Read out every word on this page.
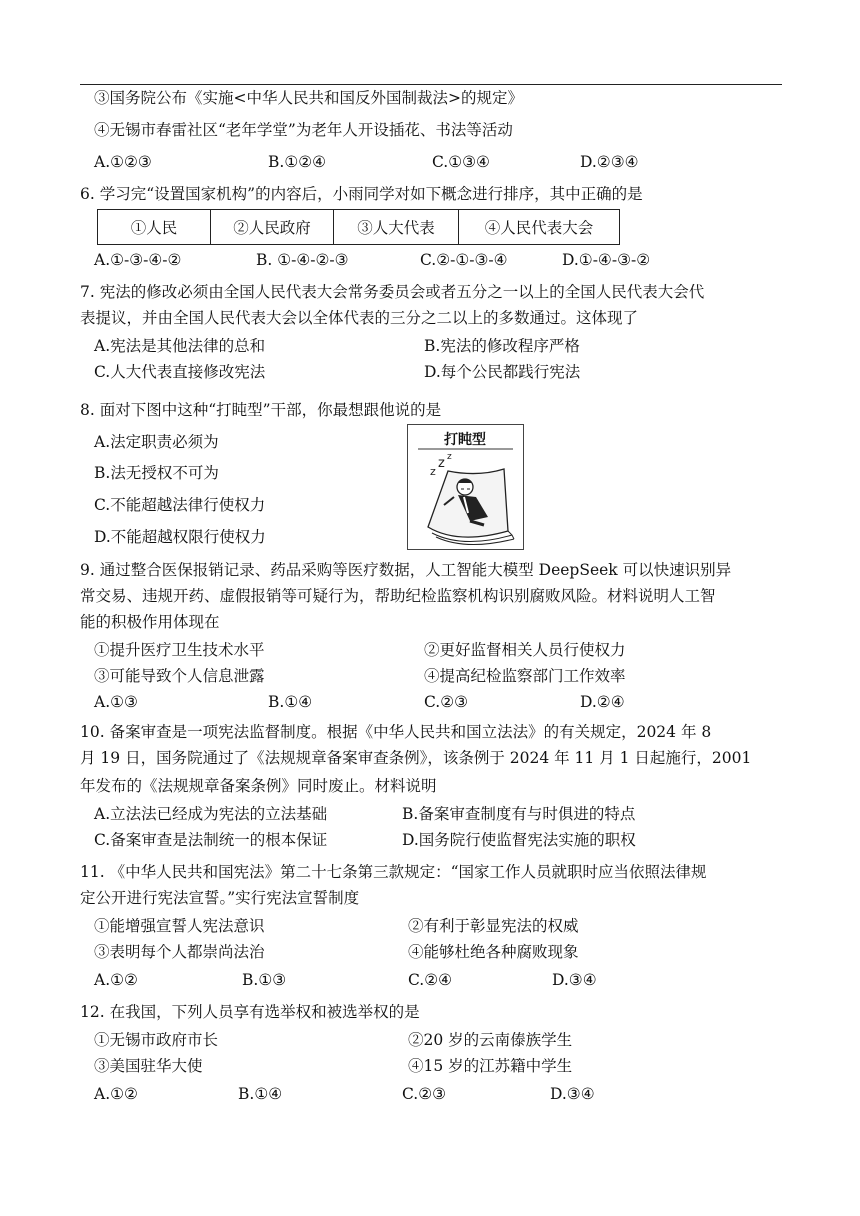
③国务院公布《实施<中华人民共和国反外国制裁法>的规定》
④无锡市春雷社区“老年学堂”为老年人开设插花、书法等活动
A.①②③	B.①②④	C.①③④	D.②③④
6. 学习完“设置国家机构”的内容后，小雨同学对如下概念进行排序，其中正确的是
①人民	②人民政府	③人大代表	④人民代表大会
A.①-③-④-②	B. ①-④-②-③	C.②-①-③-④	D.①-④-③-②
7. 宪法的修改必须由全国人民代表大会常务委员会或者五分之一以上的全国人民代表大会代
表提议，并由全国人民代表大会以全体代表的三分之二以上的多数通过。这体现了
A.宪法是其他法律的总和	B.宪法的修改程序严格
C.人大代表直接修改宪法	D.每个公民都践行宪法
8. 面对下图中这种“打盹型”干部，你最想跟他说的是
A.法定职责必须为
B.法无授权不可为
C.不能超越法律行使权力
D.不能超越权限行使权力
打盹型
z
z z
9. 通过整合医保报销记录、药品采购等医疗数据，人工智能大模型 DeepSeek 可以快速识别异
常交易、违规开药、虚假报销等可疑行为，帮助纪检监察机构识别腐败风险。材料说明人工智
能的积极作用体现在
①提升医疗卫生技术水平	②更好监督相关人员行使权力
③可能导致个人信息泄露	④提高纪检监察部门工作效率
A.①③	B.①④	C.②③	D.②④
10. 备案审查是一项宪法监督制度。根据《中华人民共和国立法法》的有关规定，2024 年 8
月 19 日，国务院通过了《法规规章备案审查条例》，该条例于 2024 年 11 月 1 日起施行，2001
年发布的《法规规章备案条例》同时废止。材料说明
A.立法法已经成为宪法的立法基础	B.备案审查制度有与时俱进的特点
C.备案审查是法制统一的根本保证	D.国务院行使监督宪法实施的职权
11. 《中华人民共和国宪法》第二十七条第三款规定：“国家工作人员就职时应当依照法律规
定公开进行宪法宣誓。”实行宪法宣誓制度
①能增强宣誓人宪法意识	②有利于彰显宪法的权威
③表明每个人都崇尚法治	④能够杜绝各种腐败现象
A.①②	B.①③	C.②④	D.③④
12. 在我国，下列人员享有选举权和被选举权的是
①无锡市政府市长	②20 岁的云南傣族学生
③美国驻华大使	④15 岁的江苏籍中学生
A.①②	B.①④	C.②③	D.③④
